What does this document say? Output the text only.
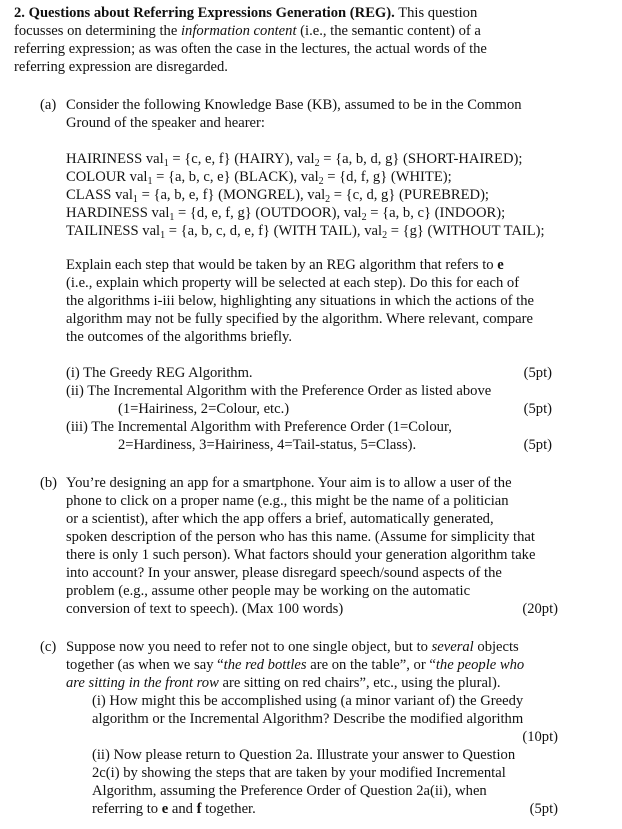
2. Questions about Referring Expressions Generation (REG). This question
focusses on determining the information content (i.e., the semantic content) of a
referring expression; as was often the case in the lectures, the actual words of the
referring expression are disregarded.
(a) Consider the following Knowledge Base (KB), assumed to be in the Common
Ground of the speaker and hearer:
HAIRINESS val$_1$ = {c, e, f} (HAIRY), val$_2$ = {a, b, d, g} (SHORT-HAIRED);
COLOUR val$_1$ = {a, b, c, e} (BLACK), val$_2$ = {d, f, g} (WHITE);
CLASS val$_1$ = {a, b, e, f} (MONGREL), val$_2$ = {c, d, g} (PUREBRED);
HARDINESS val$_1$ = {d, e, f, g} (OUTDOOR), val$_2$ = {a, b, c} (INDOOR);
TAILINESS val$_1$ = {a, b, c, d, e, f} (WITH TAIL), val$_2$ = {g} (WITHOUT TAIL);
Explain each step that would be taken by an REG algorithm that refers to e
(i.e., explain which property will be selected at each step). Do this for each of
the algorithms i-iii below, highlighting any situations in which the actions of the
algorithm may not be fully specified by the algorithm. Where relevant, compare
the outcomes of the algorithms briefly.
(i) The Greedy REG Algorithm.	(5pt)
(ii) The Incremental Algorithm with the Preference Order as listed above
(1=Hairiness, 2=Colour, etc.)	(5pt)
(iii) The Incremental Algorithm with Preference Order (1=Colour,
2=Hardiness, 3=Hairiness, 4=Tail-status, 5=Class).	(5pt)
(b) You’re designing an app for a smartphone. Your aim is to allow a user of the
phone to click on a proper name (e.g., this might be the name of a politician
or a scientist), after which the app offers a brief, automatically generated,
spoken description of the person who has this name. (Assume for simplicity that
there is only 1 such person). What factors should your generation algorithm take
into account? In your answer, please disregard speech/sound aspects of the
problem (e.g., assume other people may be working on the automatic
conversion of text to speech). (Max 100 words)	(20pt)
(c) Suppose now you need to refer not to one single object, but to several objects
together (as when we say “the red bottles are on the table”, or “the people who
are sitting in the front row are sitting on red chairs”, etc., using the plural).
(i) How might this be accomplished using (a minor variant of) the Greedy
algorithm or the Incremental Algorithm? Describe the modified algorithm
(10pt)
(ii) Now please return to Question 2a. Illustrate your answer to Question
2c(i) by showing the steps that are taken by your modified Incremental
Algorithm, assuming the Preference Order of Question 2a(ii), when
referring to e and f together.	(5pt)
